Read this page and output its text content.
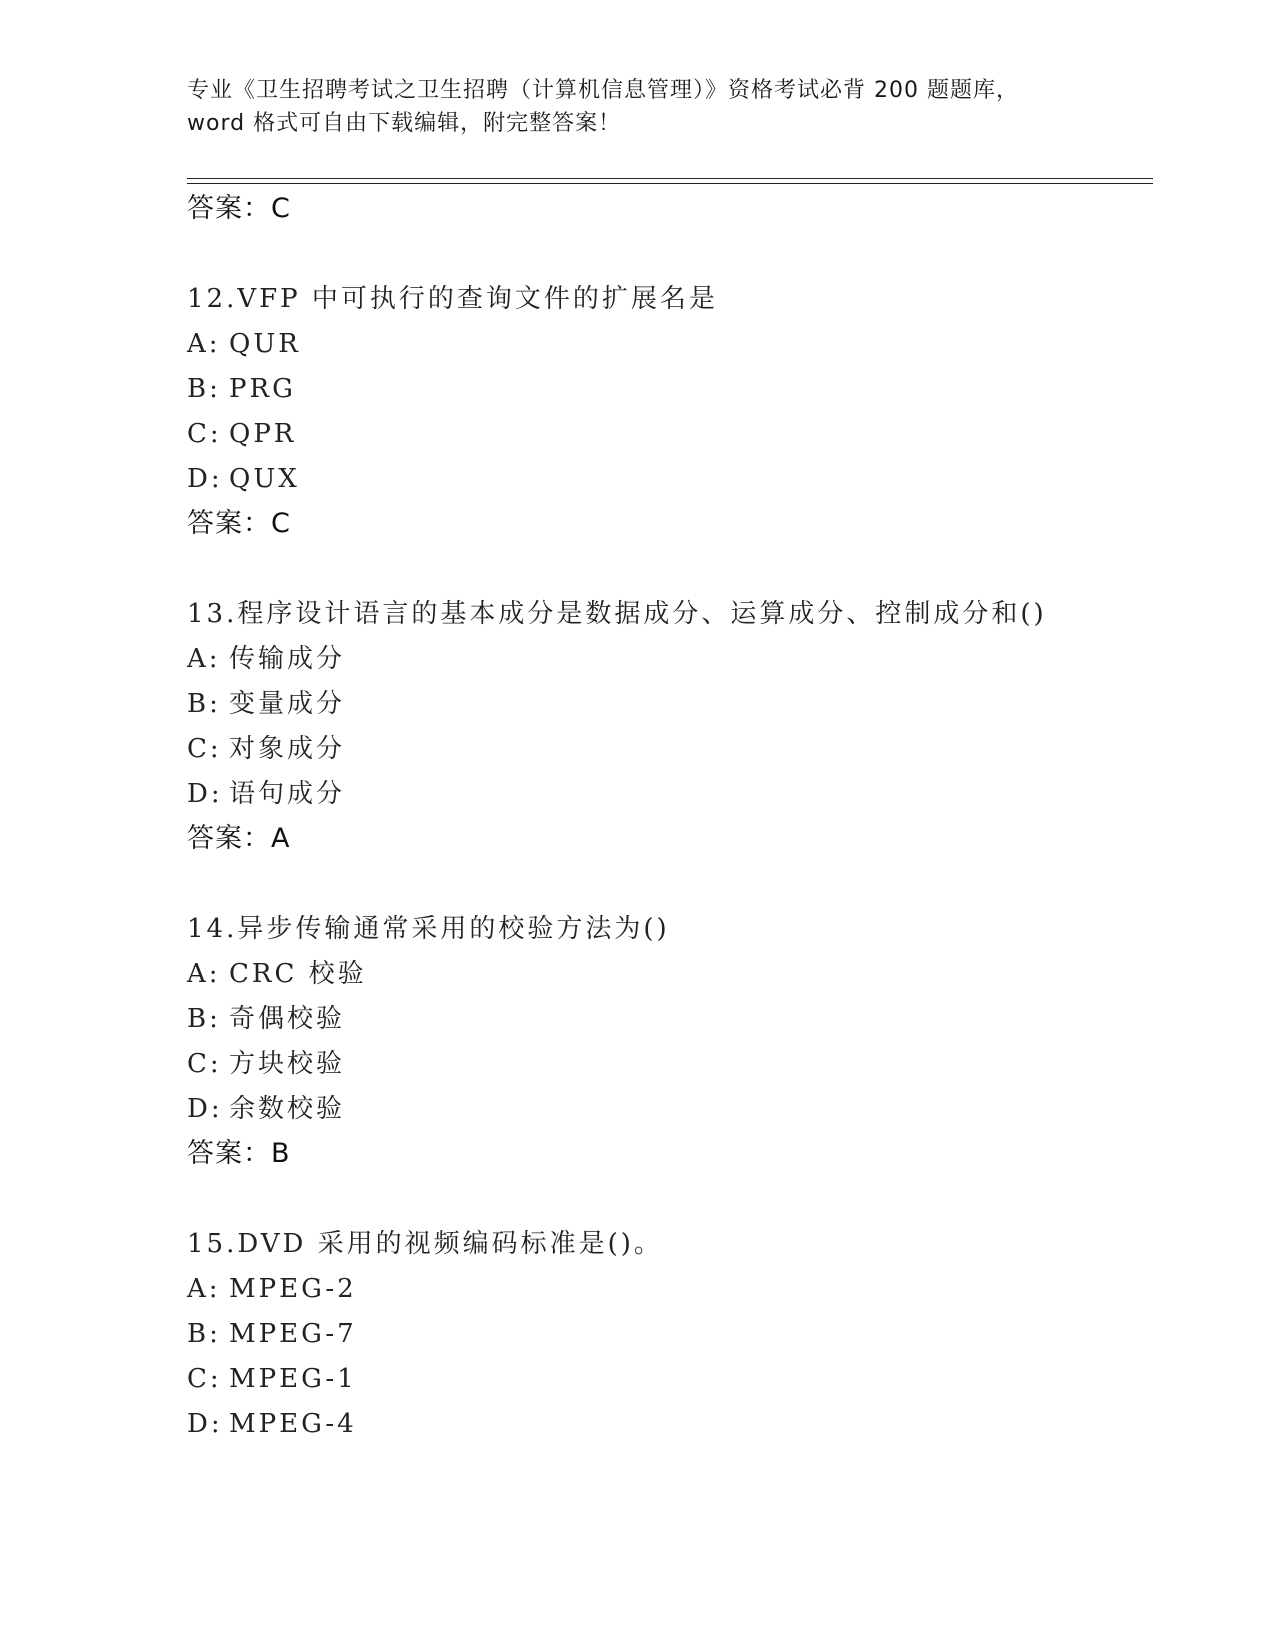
专业《卫生招聘考试之卫生招聘（计算机信息管理）》资格考试必背 200 题题库，
word 格式可自由下载编辑，附完整答案！
答案：C
12.VFP 中可执行的查询文件的扩展名是
A: QUR
B: PRG
C: QPR
D: QUX
答案：C
13.程序设计语言的基本成分是数据成分、运算成分、控制成分和()
A: 传输成分
B: 变量成分
C: 对象成分
D: 语句成分
答案：A
14.异步传输通常采用的校验方法为()
A: CRC 校验
B: 奇偶校验
C: 方块校验
D: 余数校验
答案：B
15.DVD 采用的视频编码标准是()。
A: MPEG-2
B: MPEG-7
C: MPEG-1
D: MPEG-4
